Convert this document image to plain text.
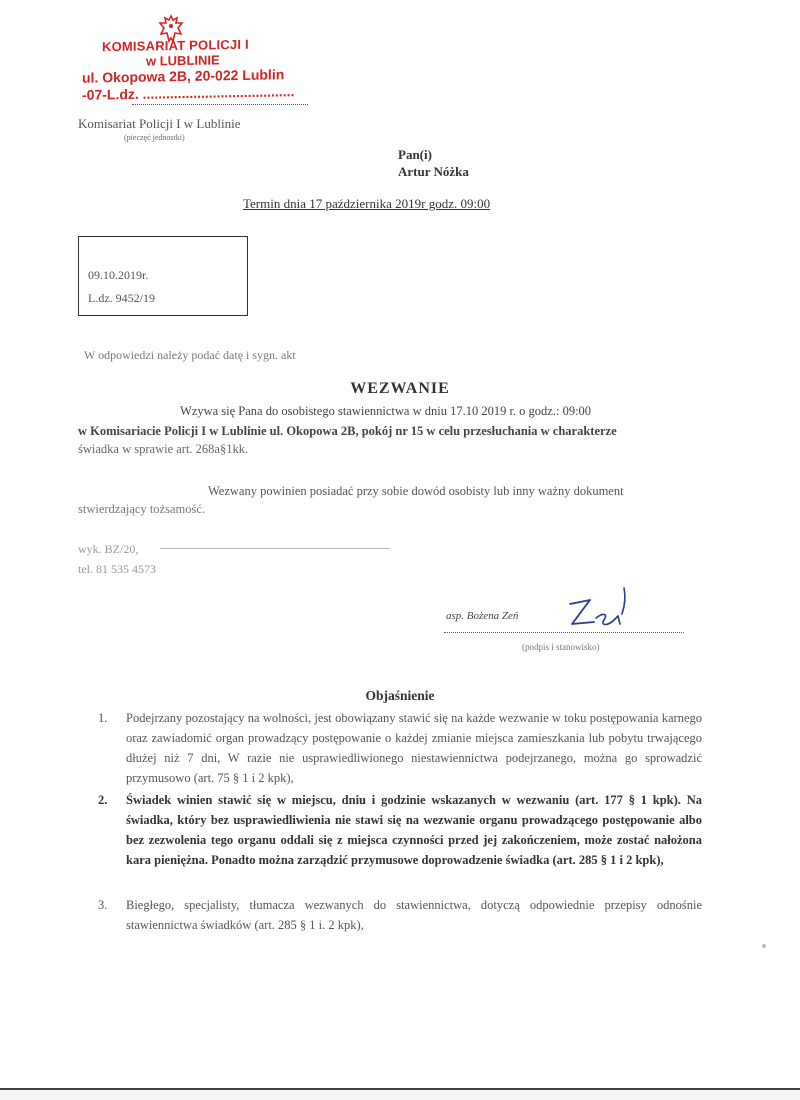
KOMISARIAT POLICJI I
w LUBLINIE
ul. Okopowa 2B, 20-022 Lublin
-07-L.dz. .......................................
Komisariat Policji I w Lublinie
(pieczęć jednostki)
Pan(i)
Artur Nóżka
Termin dnia 17 października 2019r godz. 09:00
09.10.2019r.
L.dz. 9452/19
W odpowiedzi należy podać datę i sygn. akt
WEZWANIE
Wzywa się Pana do osobistego stawiennictwa w dniu 17.10 2019 r. o godz.: 09:00
w Komisariacie Policji I w Lublinie ul. Okopowa 2B, pokój nr 15 w celu przesłuchania w charakterze
świadka w sprawie art. 268a§1kk.
Wezwany powinien posiadać przy sobie dowód osobisty lub inny ważny dokument
stwierdzający tożsamość.
wyk. BZ/20,
tel. 81 535 4573
asp. Bożena Zeń
(podpis i stanowisko)
Objaśnienie
1.	Podejrzany pozostający na wolności, jest obowiązany stawić się na każde wezwanie w toku postępowania karnego oraz zawiadomić organ prowadzący postępowanie o każdej zmianie miejsca zamieszkania lub pobytu trwającego dłużej niż 7 dni, W razie nie usprawiedliwionego niestawiennictwa podejrzanego, można go sprowadzić przymusowo (art. 75 § 1 i 2 kpk),
2.	Świadek winien stawić się w miejscu, dniu i godzinie wskazanych w wezwaniu (art. 177 § 1 kpk). Na świadka, który bez usprawiedliwienia nie stawi się na wezwanie organu prowadzącego postępowanie albo bez zezwolenia tego organu oddali się z miejsca czynności przed jej zakończeniem, może zostać nałożona kara pieniężna. Ponadto można zarządzić przymusowe doprowadzenie świadka (art. 285 § 1 i 2 kpk),
3.	Biegłego, specjalisty, tłumacza wezwanych do stawiennictwa, dotyczą odpowiednie przepisy odnośnie stawiennictwa świadków (art. 285 § 1 i. 2 kpk),
